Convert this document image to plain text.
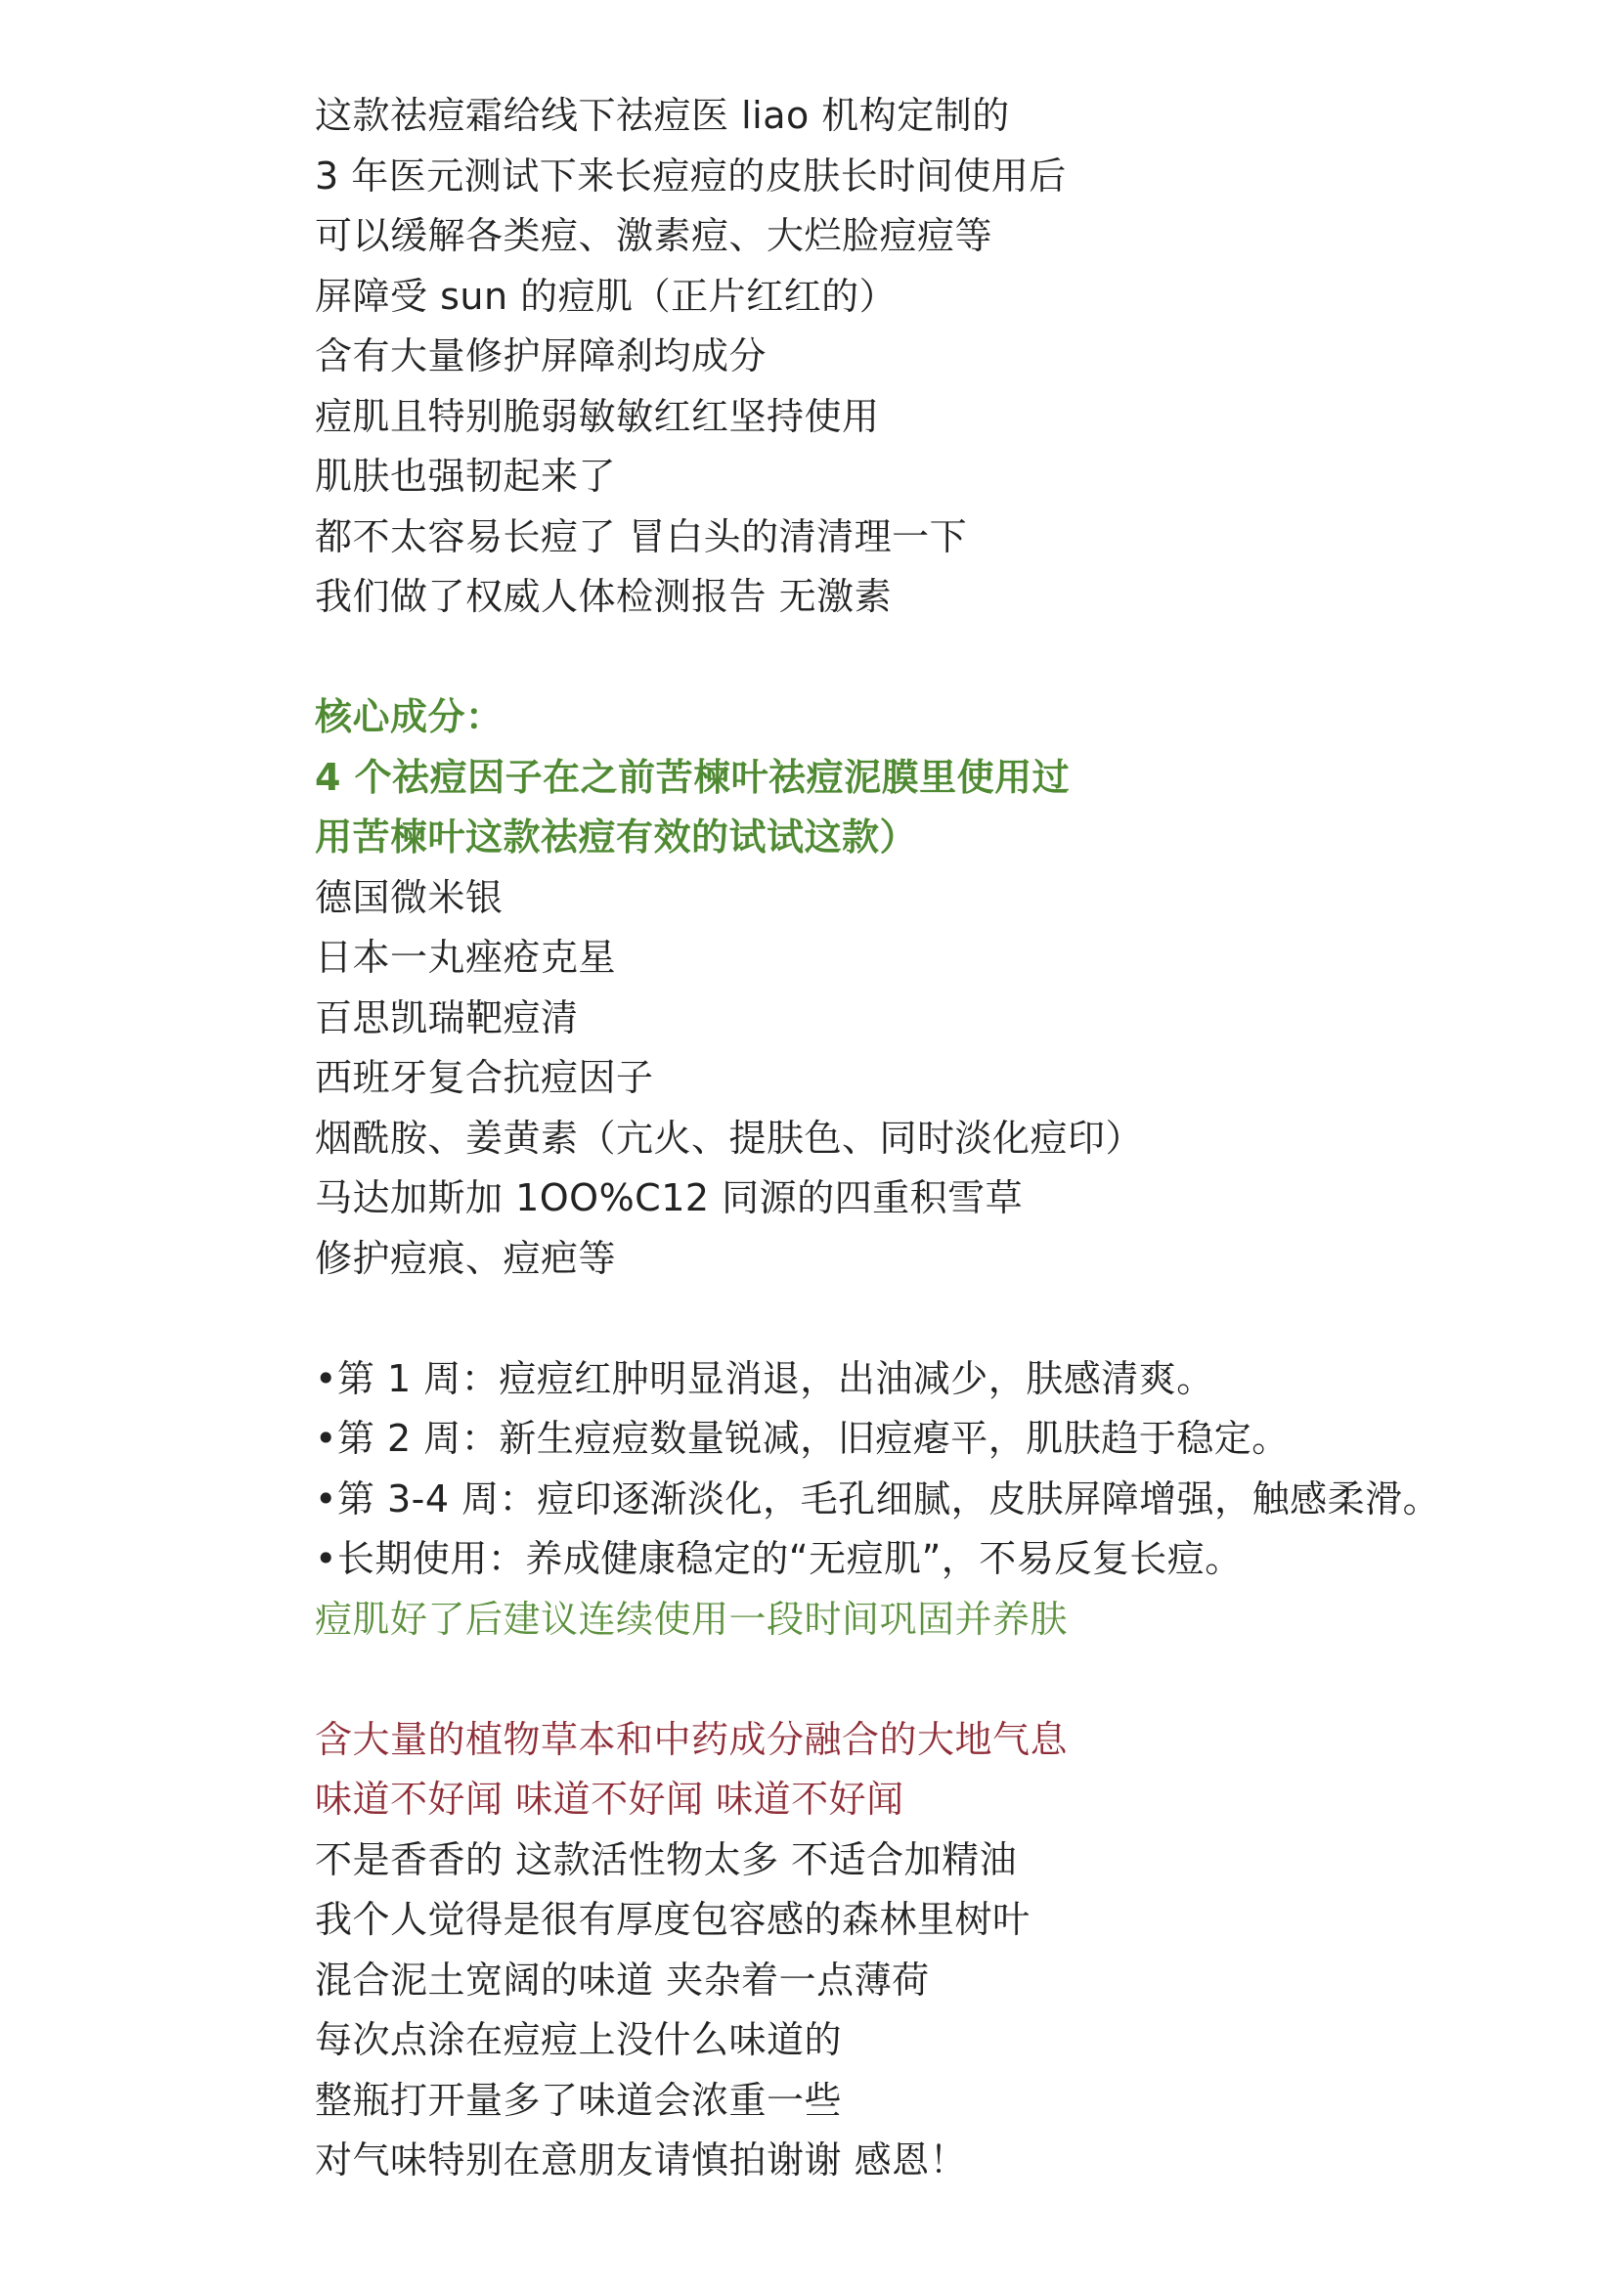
这款祛痘霜给线下祛痘医 liao 机构定制的
3 年医元测试下来长痘痘的皮肤长时间使用后
可以缓解各类痘、激素痘、大烂脸痘痘等
屏障受 sun 的痘肌（正片红红的）
含有大量修护屏障刹均成分
痘肌且特别脆弱敏敏红红坚持使用
肌肤也强韧起来了
都不太容易长痘了 冒白头的清清理一下
我们做了权威人体检测报告 无激素
核心成分：
4 个祛痘因子在之前苦楝叶祛痘泥膜里使用过
用苦楝叶这款祛痘有效的试试这款）
德国微米银
日本一丸痤疮克星
百思凯瑞靶痘清
西班牙复合抗痘因子
烟酰胺、姜黄素（亢火、提肤色、同时淡化痘印）
马达加斯加 1OO%C12 同源的四重积雪草
修护痘痕、痘疤等
•第 1 周：痘痘红肿明显消退，出油减少，肤感清爽。
•第 2 周：新生痘痘数量锐减，旧痘瘪平，肌肤趋于稳定。
•第 3-4 周：痘印逐渐淡化，毛孔细腻，皮肤屏障增强，触感柔滑。
•长期使用：养成健康稳定的“无痘肌”，不易反复长痘。
痘肌好了后建议连续使用一段时间巩固并养肤
含大量的植物草本和中药成分融合的大地气息
味道不好闻 味道不好闻 味道不好闻
不是香香的 这款活性物太多 不适合加精油
我个人觉得是很有厚度包容感的森林里树叶
混合泥土宽阔的味道 夹杂着一点薄荷
每次点涂在痘痘上没什么味道的
整瓶打开量多了味道会浓重一些
对气味特别在意朋友请慎拍谢谢 感恩！
